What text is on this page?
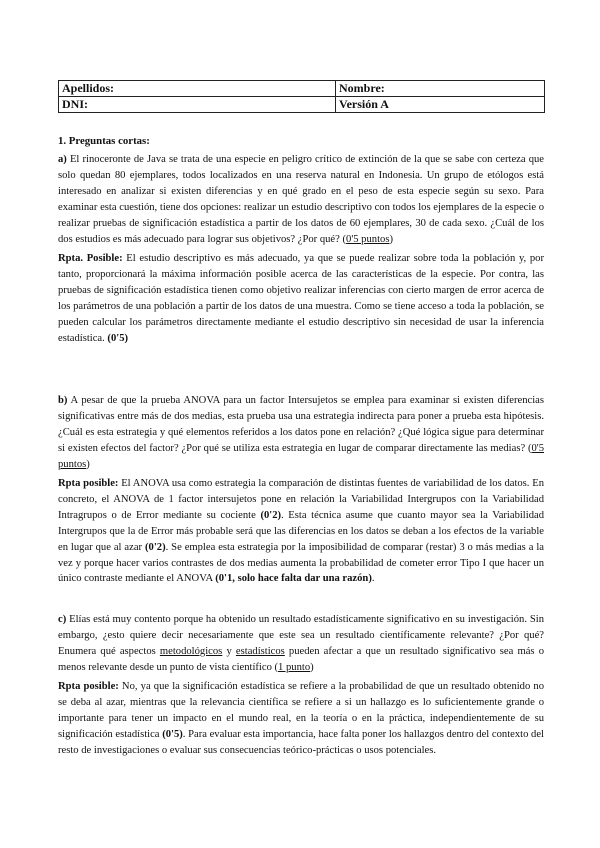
Apellidos:	Nombre:
DNI:	Versión A

1. Preguntas cortas:

a) El rinoceronte de Java se trata de una especie en peligro crítico de extinción de la que se sabe con certeza que solo quedan 80 ejemplares, todos localizados en una reserva natural en Indonesia. Un grupo de etólogos está interesado en analizar si existen diferencias y en qué grado en el peso de esta especie según su sexo. Para examinar esta cuestión, tiene dos opciones: realizar un estudio descriptivo con todos los ejemplares de la especie o realizar pruebas de significación estadística a partir de los datos de 60 ejemplares, 30 de cada sexo. ¿Cuál de los dos estudios es más adecuado para lograr sus objetivos? ¿Por qué? (0'5 puntos)

Rpta. Posible: El estudio descriptivo es más adecuado, ya que se puede realizar sobre toda la población y, por tanto, proporcionará la máxima información posible acerca de las características de la especie. Por contra, las pruebas de significación estadística tienen como objetivo realizar inferencias con cierto margen de error acerca de los parámetros de una población a partir de los datos de una muestra. Como se tiene acceso a toda la población, se pueden calcular los parámetros directamente mediante el estudio descriptivo sin necesidad de usar la inferencia estadística. (0'5)

b) A pesar de que la prueba ANOVA para un factor Intersujetos se emplea para examinar si existen diferencias significativas entre más de dos medias, esta prueba usa una estrategia indirecta para poner a prueba esta hipótesis. ¿Cuál es esta estrategia y qué elementos referidos a los datos pone en relación? ¿Qué lógica sigue para determinar si existen efectos del factor? ¿Por qué se utiliza esta estrategia en lugar de comparar directamente las medias? (0'5 puntos)

Rpta posible: El ANOVA usa como estrategia la comparación de distintas fuentes de variabilidad de los datos. En concreto, el ANOVA de 1 factor intersujetos pone en relación la Variabilidad Intergrupos con la Variabilidad Intragrupos o de Error mediante su cociente (0'2). Esta técnica asume que cuanto mayor sea la Variabilidad Intergrupos que la de Error más probable será que las diferencias en los datos se deban a los efectos de la variable en lugar que al azar (0'2). Se emplea esta estrategia por la imposibilidad de comparar (restar) 3 o más medias a la vez y porque hacer varios contrastes de dos medias aumenta la probabilidad de cometer error Tipo I que hacer un único contraste mediante el ANOVA (0'1, solo hace falta dar una razón).

c) Elías está muy contento porque ha obtenido un resultado estadísticamente significativo en su investigación. Sin embargo, ¿esto quiere decir necesariamente que este sea un resultado científicamente relevante? ¿Por qué? Enumera qué aspectos metodológicos y estadísticos pueden afectar a que un resultado significativo sea más o menos relevante desde un punto de vista científico (1 punto)

Rpta posible: No, ya que la significación estadística se refiere a la probabilidad de que un resultado obtenido no se deba al azar, mientras que la relevancia científica se refiere a si un hallazgo es lo suficientemente grande o importante para tener un impacto en el mundo real, en la teoría o en la práctica, independientemente de su significación estadística (0'5). Para evaluar esta importancia, hace falta poner los hallazgos dentro del contexto del resto de investigaciones o evaluar sus consecuencias teórico-prácticas o usos potenciales.
